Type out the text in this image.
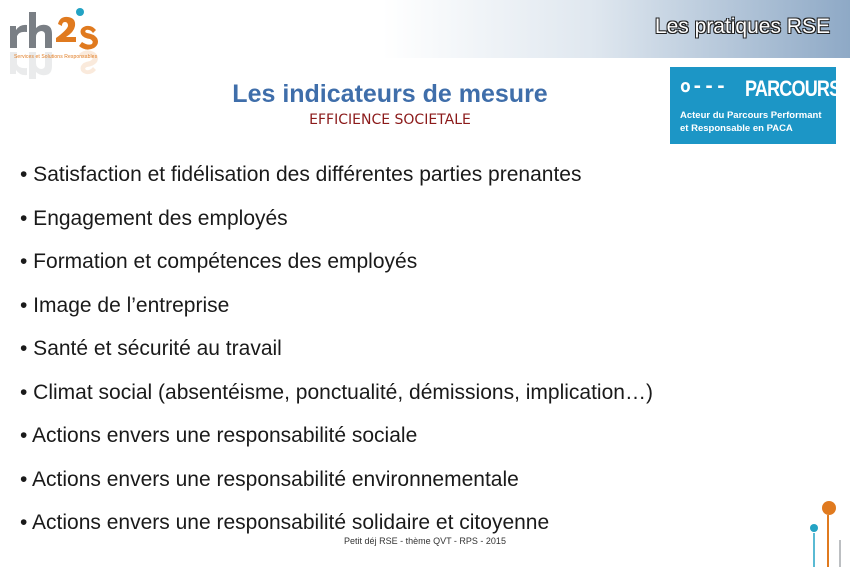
Les pratiques RSE
Services et Solutions Responsables
o‑‑‑ PARCOURS
Acteur du Parcours Performant et Responsable en PACA
Les indicateurs de mesure
EFFICIENCE SOCIETALE
• Satisfaction et fidélisation des différentes parties prenantes
• Engagement des employés
• Formation et compétences des employés
• Image de l’entreprise
• Santé et sécurité au travail
• Climat social (absentéisme, ponctualité, démissions, implication…)
• Actions envers une responsabilité sociale
• Actions envers une responsabilité environnementale
• Actions envers une responsabilité solidaire et citoyenne
Petit déj RSE - thème QVT - RPS - 2015
